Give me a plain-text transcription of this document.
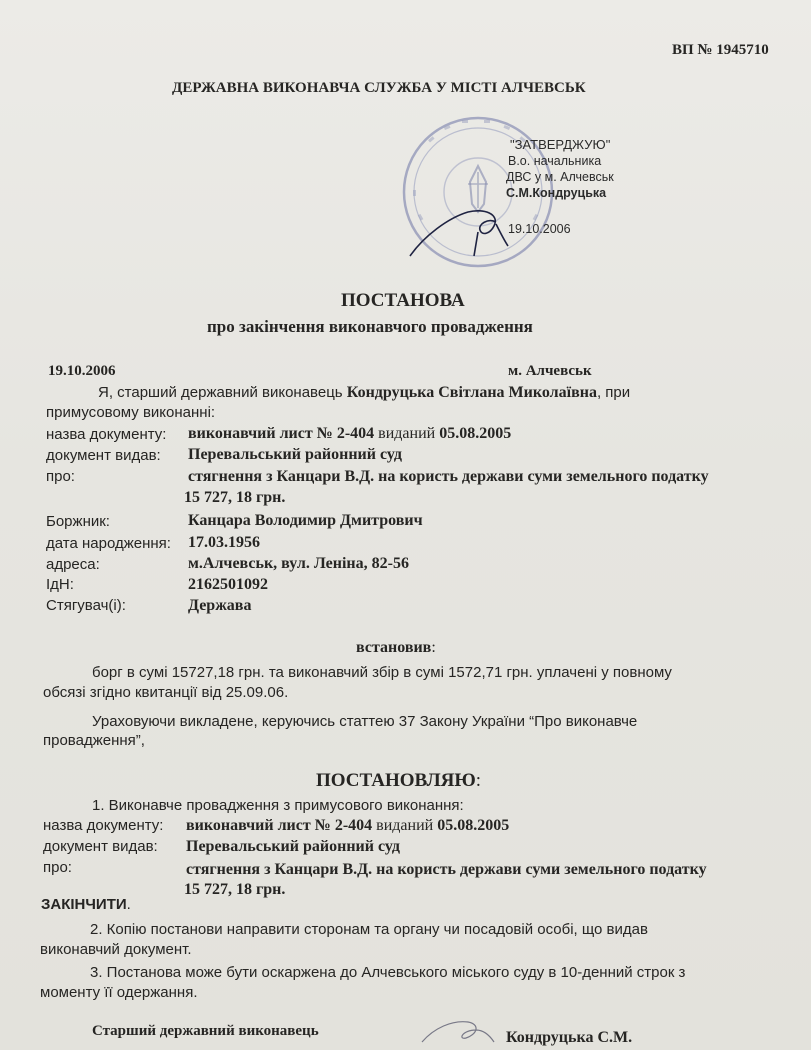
ВП № 1945710
ДЕРЖАВНА ВИКОНАВЧА СЛУЖБА У МІСТІ АЛЧЕВСЬК
"ЗАТВЕРДЖУЮ"
В.о. начальника
ДВС у м. Алчевськ
С.М.Кондруцька
19.10.2006
ПОСТАНОВА
про закінчення виконавчого провадження
19.10.2006	м. Алчевськ
Я, старший державний виконавець Кондруцька Світлана Миколаївна, при
примусовому виконанні:
назва документу: виконавчий лист № 2-404 виданий 05.08.2005
документ видав: Перевальський районний суд
про:	стягнення з Канцари В.Д. на користь держави суми земельного податку
15 727, 18 грн.
Боржник:	Канцара Володимир Дмитрович
дата народження: 17.03.1956
адреса:	м.Алчевськ, вул. Леніна, 82-56
ІдН:	2162501092
Стягувач(і):	Держава
встановив:
борг в сумі 15727,18 грн. та виконавчий збір в сумі 1572,71 грн. уплачені у повному
обсязі згідно квитанції від 25.09.06.
Ураховуючи викладене, керуючись статтею 37 Закону України “Про виконавче
провадження”,
ПОСТАНОВЛЯЮ:
1. Виконавче провадження з примусового виконання:
назва документу: виконавчий лист № 2-404 виданий 05.08.2005
документ видав: Перевальський районний суд
про:	стягнення з Канцари В.Д. на користь держави суми земельного податку
15 727, 18 грн.
ЗАКІНЧИТИ.
2. Копію постанови направити сторонам та органу чи посадовій особі, що видав
виконавчий документ.
3. Постанова може бути оскаржена до Алчевського міського суду в 10-денний строк з
моменту її одержання.
Старший державний виконавець	Кондруцька С.М.
